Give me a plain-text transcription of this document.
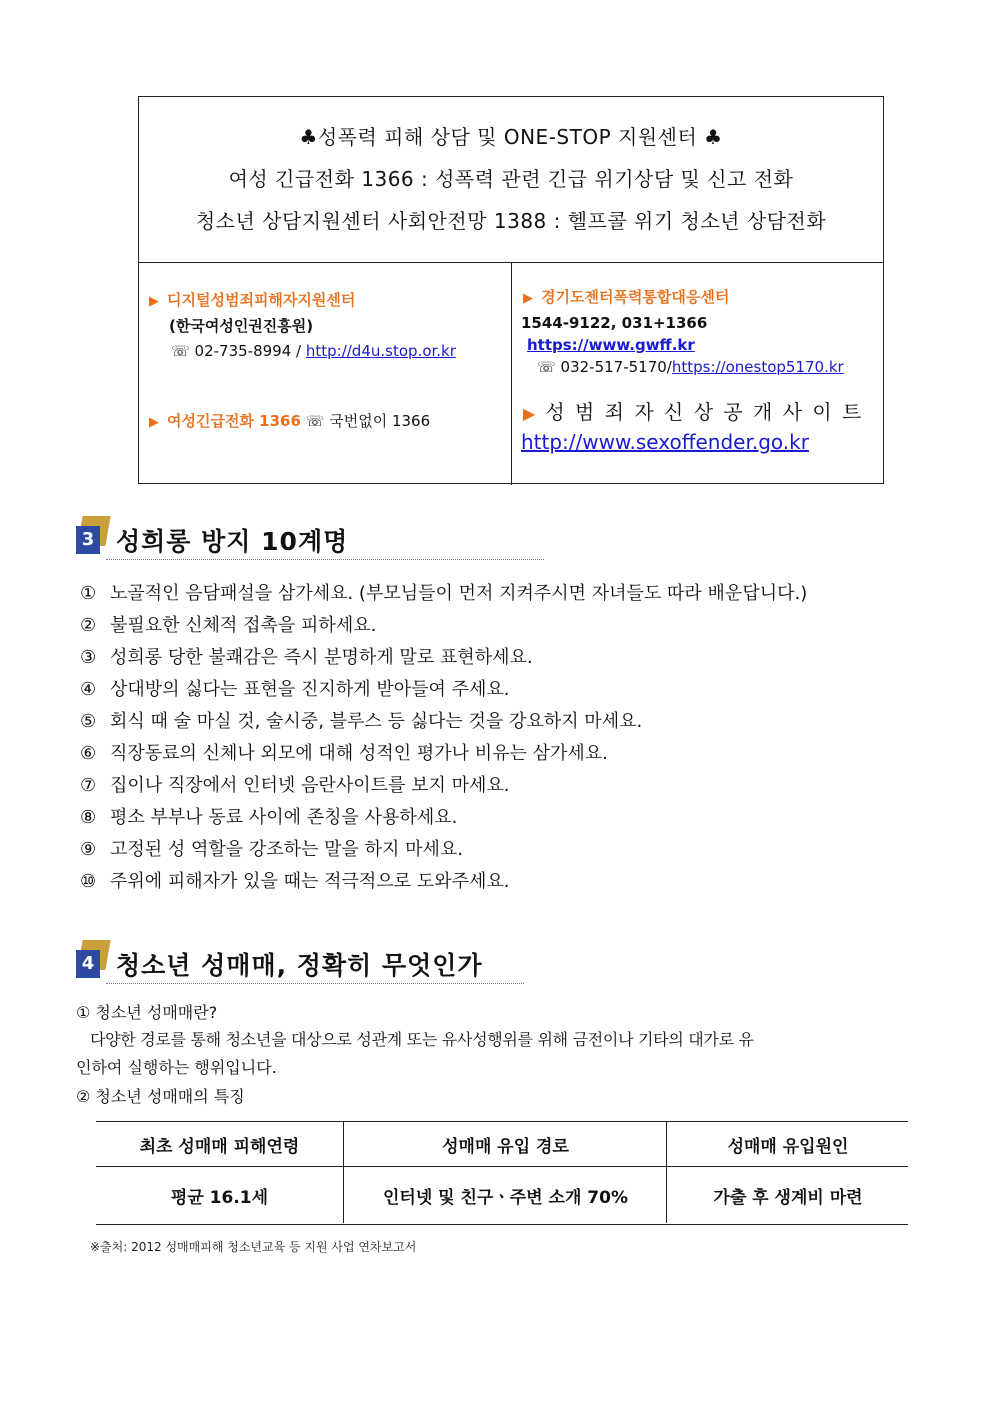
♣성폭력 피해 상담 및 ONE-STOP 지원센터 ♣
여성 긴급전화 1366 : 성폭력 관련 긴급 위기상담 및 신고 전화
청소년 상담지원센터 사회안전망 1388 : 헬프콜 위기 청소년 상담전화
▶ 디지털성범죄피해자지원센터
(한국여성인권진흥원)
☏ 02-735-8994 / http://d4u.stop.or.kr
▶ 여성긴급전화 1366 ☏ 국번없이 1366
▶ 경기도젠터폭력통합대응센터
1544-9122, 031+1366 https://www.gwff.kr
☏ 032-517-5170/https://onestop5170.kr
▶ 성 범 죄 자 신 상 공 개 사 이 트
http://www.sexoffender.go.kr
3 성희롱 방지 10계명
① 노골적인 음담패설을 삼가세요. (부모님들이 먼저 지켜주시면 자녀들도 따라 배운답니다.)
② 불필요한 신체적 접촉을 피하세요.
③ 성희롱 당한 불쾌감은 즉시 분명하게 말로 표현하세요.
④ 상대방의 싫다는 표현을 진지하게 받아들여 주세요.
⑤ 회식 때 술 마실 것, 술시중, 블루스 등 싫다는 것을 강요하지 마세요.
⑥ 직장동료의 신체나 외모에 대해 성적인 평가나 비유는 삼가세요.
⑦ 집이나 직장에서 인터넷 음란사이트를 보지 마세요.
⑧ 평소 부부나 동료 사이에 존칭을 사용하세요.
⑨ 고정된 성 역할을 강조하는 말을 하지 마세요.
⑩ 주위에 피해자가 있을 때는 적극적으로 도와주세요.
4 청소년 성매매, 정확히 무엇인가
① 청소년 성매매란?
다양한 경로를 통해 청소년을 대상으로 성관계 또는 유사성행위를 위해 금전이나 기타의 대가로 유
인하여 실행하는 행위입니다.
② 청소년 성매매의 특징
최초 성매매 피해연령	성매매 유입 경로	성매매 유입원인
평균 16.1세	인터넷 및 친구ㆍ주변 소개 70%	가출 후 생계비 마련
※출처: 2012 성매매피해 청소년교육 등 지원 사업 연차보고서
